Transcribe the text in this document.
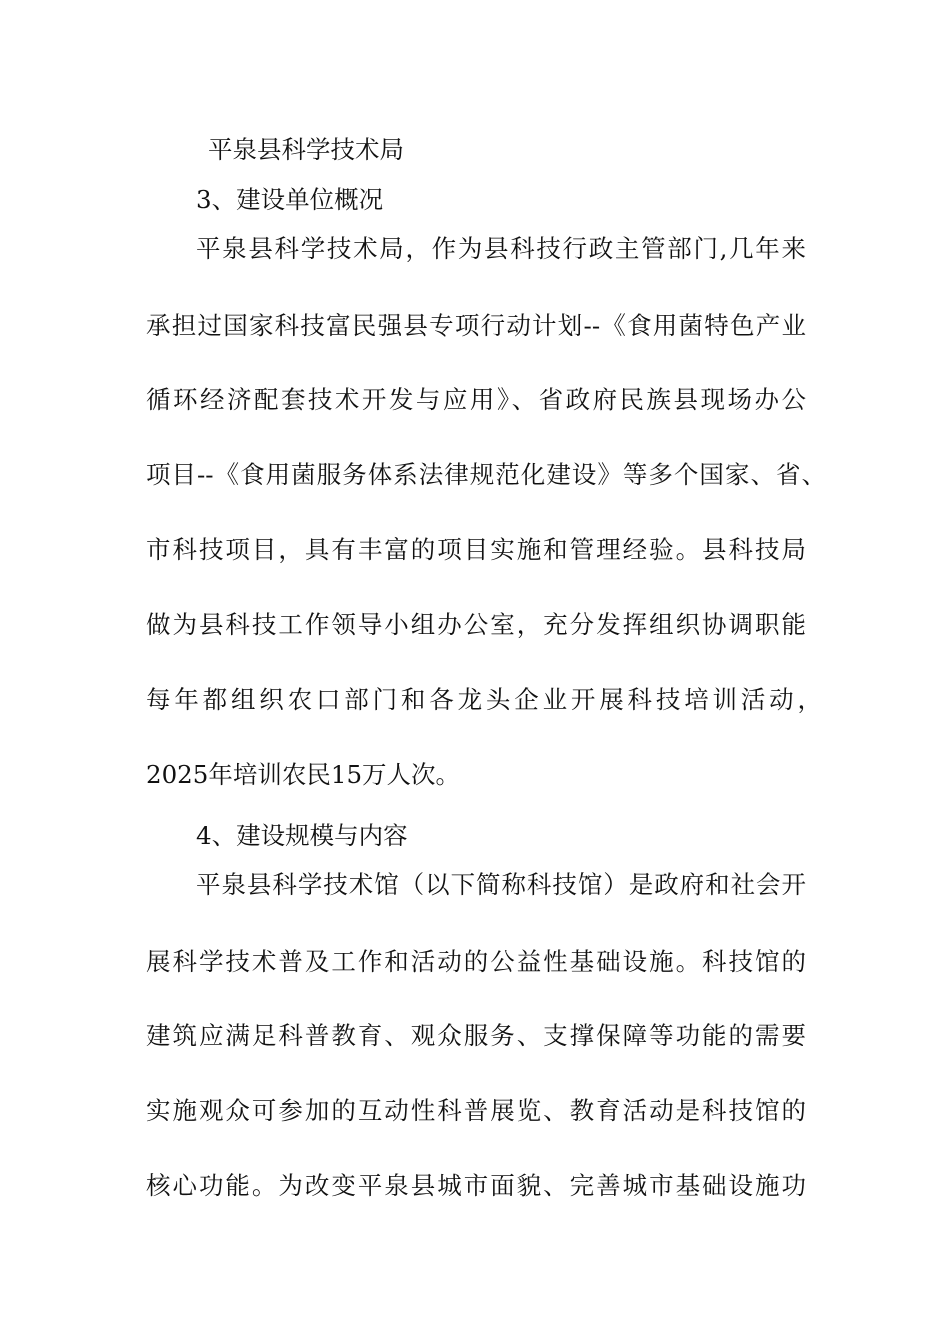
平泉县科学技术局
3、建设单位概况
平泉县科学技术局，作为县科技行政主管部门,几年来
承担过国家科技富民强县专项行动计划--《食用菌特色产业
循环经济配套技术开发与应用》、省政府民族县现场办公
项目--《食用菌服务体系法律规范化建设》等多个国家、省、
市科技项目，具有丰富的项目实施和管理经验。县科技局
做为县科技工作领导小组办公室，充分发挥组织协调职能
每年都组织农口部门和各龙头企业开展科技培训活动，
2025年培训农民15万人次。
4、建设规模与内容
平泉县科学技术馆（以下简称科技馆）是政府和社会开
展科学技术普及工作和活动的公益性基础设施。科技馆的
建筑应满足科普教育、观众服务、支撑保障等功能的需要
实施观众可参加的互动性科普展览、教育活动是科技馆的
核心功能。为改变平泉县城市面貌、完善城市基础设施功
